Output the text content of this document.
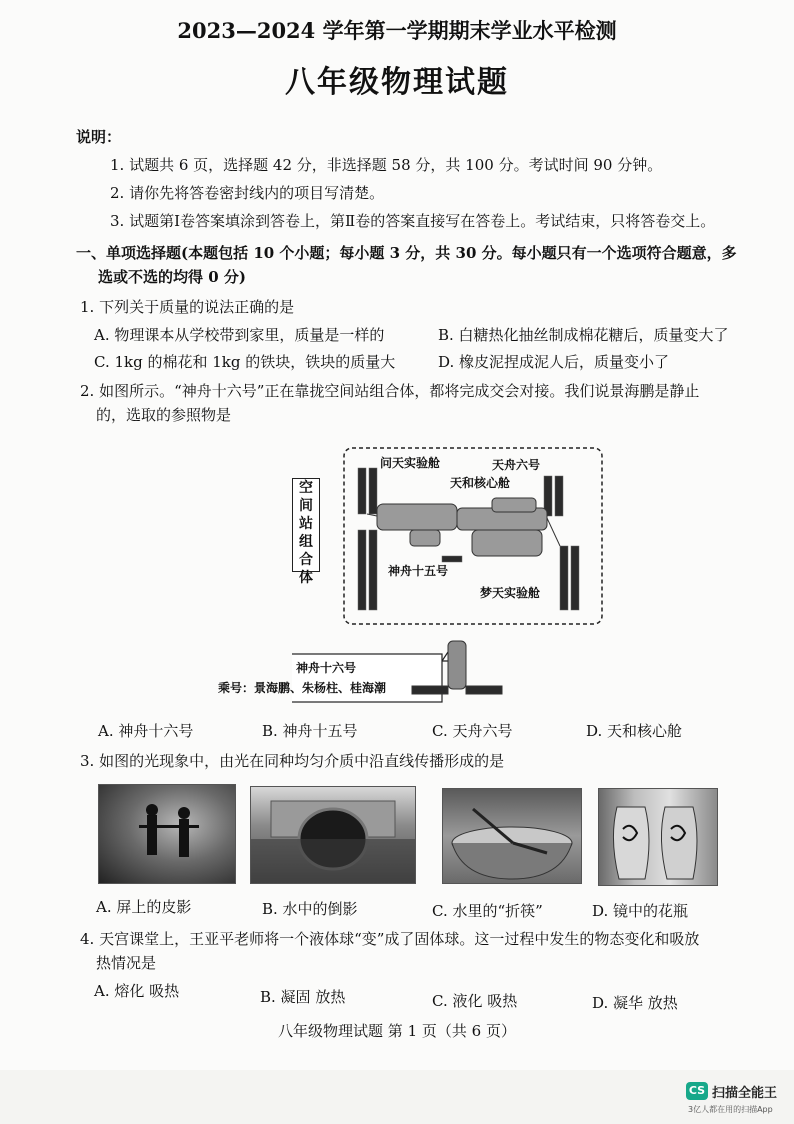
2023—2024 学年第一学期期末学业水平检测
八年级物理试题
说明：
1. 试题共 6 页，选择题 42 分，非选择题 58 分，共 100 分。考试时间 90 分钟。
2. 请你先将答卷密封线内的项目写清楚。
3. 试题第Ⅰ卷答案填涂到答卷上，第Ⅱ卷的答案直接写在答卷上。考试结束，只将答卷交上。
一、单项选择题(本题包括 10 个小题；每小题 3 分，共 30 分。每小题只有一个选项符合题意，多
选或不选的均得 0 分)
1. 下列关于质量的说法正确的是
A. 物理课本从学校带到家里，质量是一样的	B. 白糖热化抽丝制成棉花糖后，质量变大了
C. 1kg 的棉花和 1kg 的铁块，铁块的质量大	D. 橡皮泥捏成泥人后，质量变小了
2. 如图所示。“神舟十六号”正在靠拢空间站组合体，都将完成交会对接。我们说景海鹏是静止
的，选取的参照物是
空间站组合体
问天实验舱	天舟六号
天和核心舱
神舟十五号
梦天实验舱
神舟十六号
乘号：景海鹏、朱杨柱、桂海潮
A. 神舟十六号	B. 神舟十五号	C. 天舟六号	D. 天和核心舱
3. 如图的光现象中，由光在同种均匀介质中沿直线传播形成的是
A. 屏上的皮影	B. 水中的倒影	C. 水里的“折筷”	D. 镜中的花瓶
4. 天宫课堂上，王亚平老师将一个液体球“变”成了固体球。这一过程中发生的物态变化和吸放
热情况是
A. 熔化 吸热	B. 凝固 放热	C. 液化 吸热	D. 凝华 放热
八年级物理试题 第 1 页（共 6 页）
CS 扫描全能王
3亿人都在用的扫描App
